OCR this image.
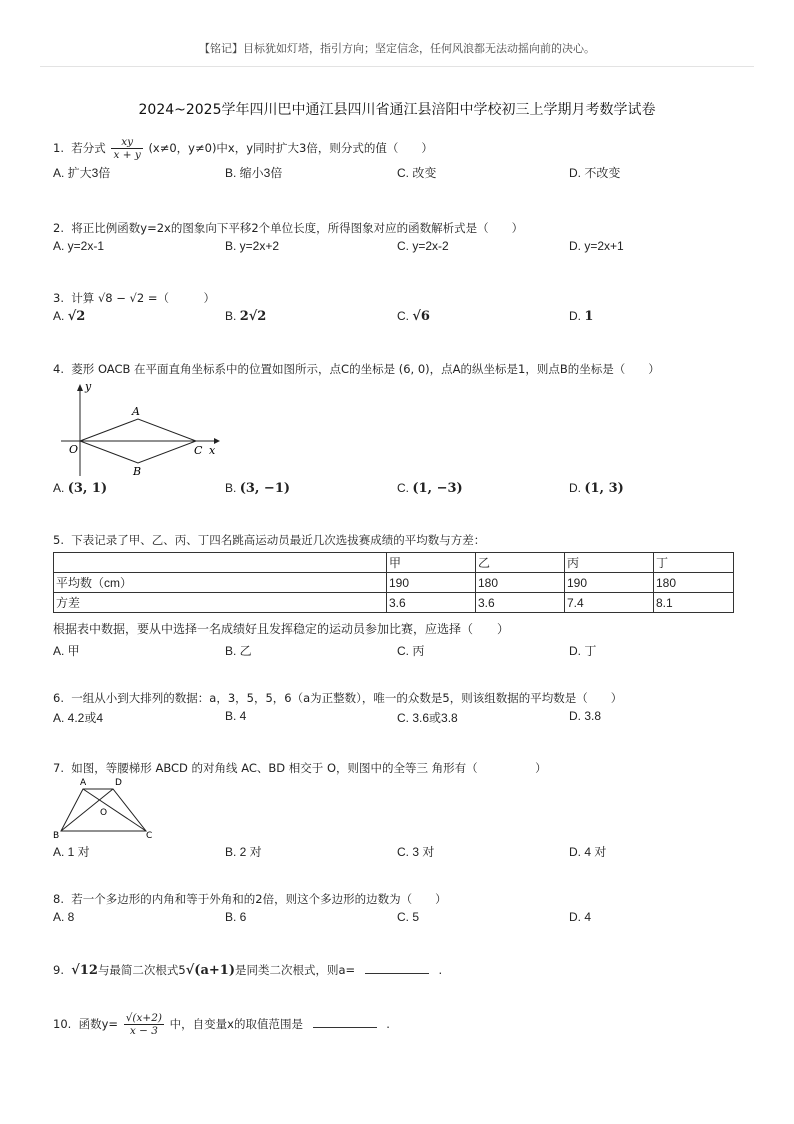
【铭记】目标犹如灯塔，指引方向；坚定信念，任何风浪都无法动摇向前的决心。
2024~2025学年四川巴中通江县四川省通江县涪阳中学校初三上学期月考数学试卷
1. 若分式 $\frac{xy}{x + y} (x\ne 0$，y≠0)中x，y同时扩大3倍，则分式的值（　　）
A. 扩大3倍	B. 缩小3倍	C. 改变	D. 不改变
2. 将正比例函数y=2x的图象向下平移2个单位长度，所得图象对应的函数解析式是（　　）
A. y=2x-1	B. y=2x+2	C. y=2x-2	D. y=2x+1
3. 计算 √8 − √2 =（　　　）
A. √2	B. 2√2	C. √6	D. 1
4. 菱形 OACB 在平面直角坐标系中的位置如图所示，点C的坐标是 (6, 0)，点A的纵坐标是1，则点B的坐标是（　　）
y
x
O
A
B
C
A. (3, 1)	B. (3, −1)	C. (1, −3)	D. (1, 3)
5. 下表记录了甲、乙、丙、丁四名跳高运动员最近几次选拔赛成绩的平均数与方差：
	甲	乙	丙	丁
平均数（cm）	190	180	190	180
方差	3.6	3.6	7.4	8.1
根据表中数据，要从中选择一名成绩好且发挥稳定的运动员参加比赛，应选择（　　）
A. 甲	B. 乙	C. 丙	D. 丁
6. 一组从小到大排列的数据：a，3，5，5，6（a为正整数），唯一的众数是5，则该组数据的平均数是（　　）
A. 4.2或4	B. 4	C. 3.6或3.8	D. 3.8
7. 如图，等腰梯形 ABCD 的对角线 AC、BD 相交于 O，则图中的全等三 角形有（　　　　　）
A	D
B	C
O
A. 1 对	B. 2 对	C. 3 对	D. 4 对
8. 若一个多边形的内角和等于外角和的2倍，则这个多边形的边数为（　　）
A. 8	B. 6	C. 5	D. 4
9. √12与最简二次根式5√(a+1)是同类二次根式，则a=	.
10. 函数$y= \frac{√(x+2)}{x - 3}$ 中，自变量x的取值范围是	.
